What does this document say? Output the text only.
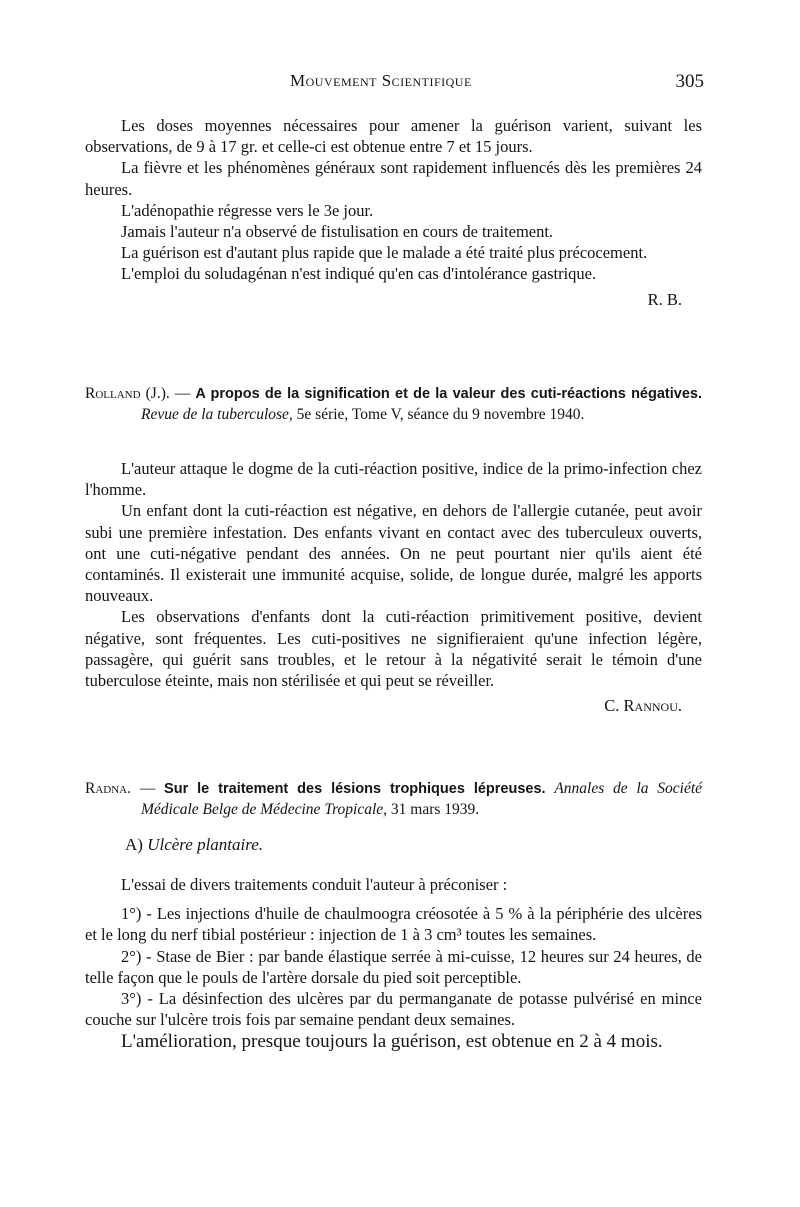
Mouvement Scientifique	305

Les doses moyennes nécessaires pour amener la guérison varient, suivant les observations, de 9 à 17 gr. et celle-ci est obtenue entre 7 et 15 jours.

La fièvre et les phénomènes généraux sont rapidement influencés dès les premières 24 heures.

L'adénopathie régresse vers le 3e jour.

Jamais l'auteur n'a observé de fistulisation en cours de traitement.

La guérison est d'autant plus rapide que le malade a été traité plus précocement.

L'emploi du soludagénan n'est indiqué qu'en cas d'intolérance gastrique.

R. B.

Rolland (J.). — A propos de la signification et de la valeur des cuti-réactions négatives. Revue de la tuberculose, 5e série, Tome V, séance du 9 novembre 1940.

L'auteur attaque le dogme de la cuti-réaction positive, indice de la primo-infection chez l'homme.

Un enfant dont la cuti-réaction est négative, en dehors de l'allergie cutanée, peut avoir subi une première infestation. Des enfants vivant en contact avec des tuberculeux ouverts, ont une cuti-négative pendant des années. On ne peut pourtant nier qu'ils aient été contaminés. Il existerait une immunité acquise, solide, de longue durée, malgré les apports nouveaux.

Les observations d'enfants dont la cuti-réaction primitivement positive, devient négative, sont fréquentes. Les cuti-positives ne signifieraient qu'une infection légère, passagère, qui guérit sans troubles, et le retour à la négativité serait le témoin d'une tuberculose éteinte, mais non stérilisée et qui peut se réveiller.

C. Rannou.

Radna. — Sur le traitement des lésions trophiques lépreuses. Annales de la Société Médicale Belge de Médecine Tropicale, 31 mars 1939.

A) Ulcère plantaire.

L'essai de divers traitements conduit l'auteur à préconiser :

1°) - Les injections d'huile de chaulmoogra créosotée à 5 % à la périphérie des ulcères et le long du nerf tibial postérieur : injection de 1 à 3 cm³ toutes les semaines.

2°) - Stase de Bier : par bande élastique serrée à mi-cuisse, 12 heures sur 24 heures, de telle façon que le pouls de l'artère dorsale du pied soit perceptible.

3°) - La désinfection des ulcères par du permanganate de potasse pulvérisé en mince couche sur l'ulcère trois fois par semaine pendant deux semaines.

L'amélioration, presque toujours la guérison, est obtenue en 2 à 4 mois.
